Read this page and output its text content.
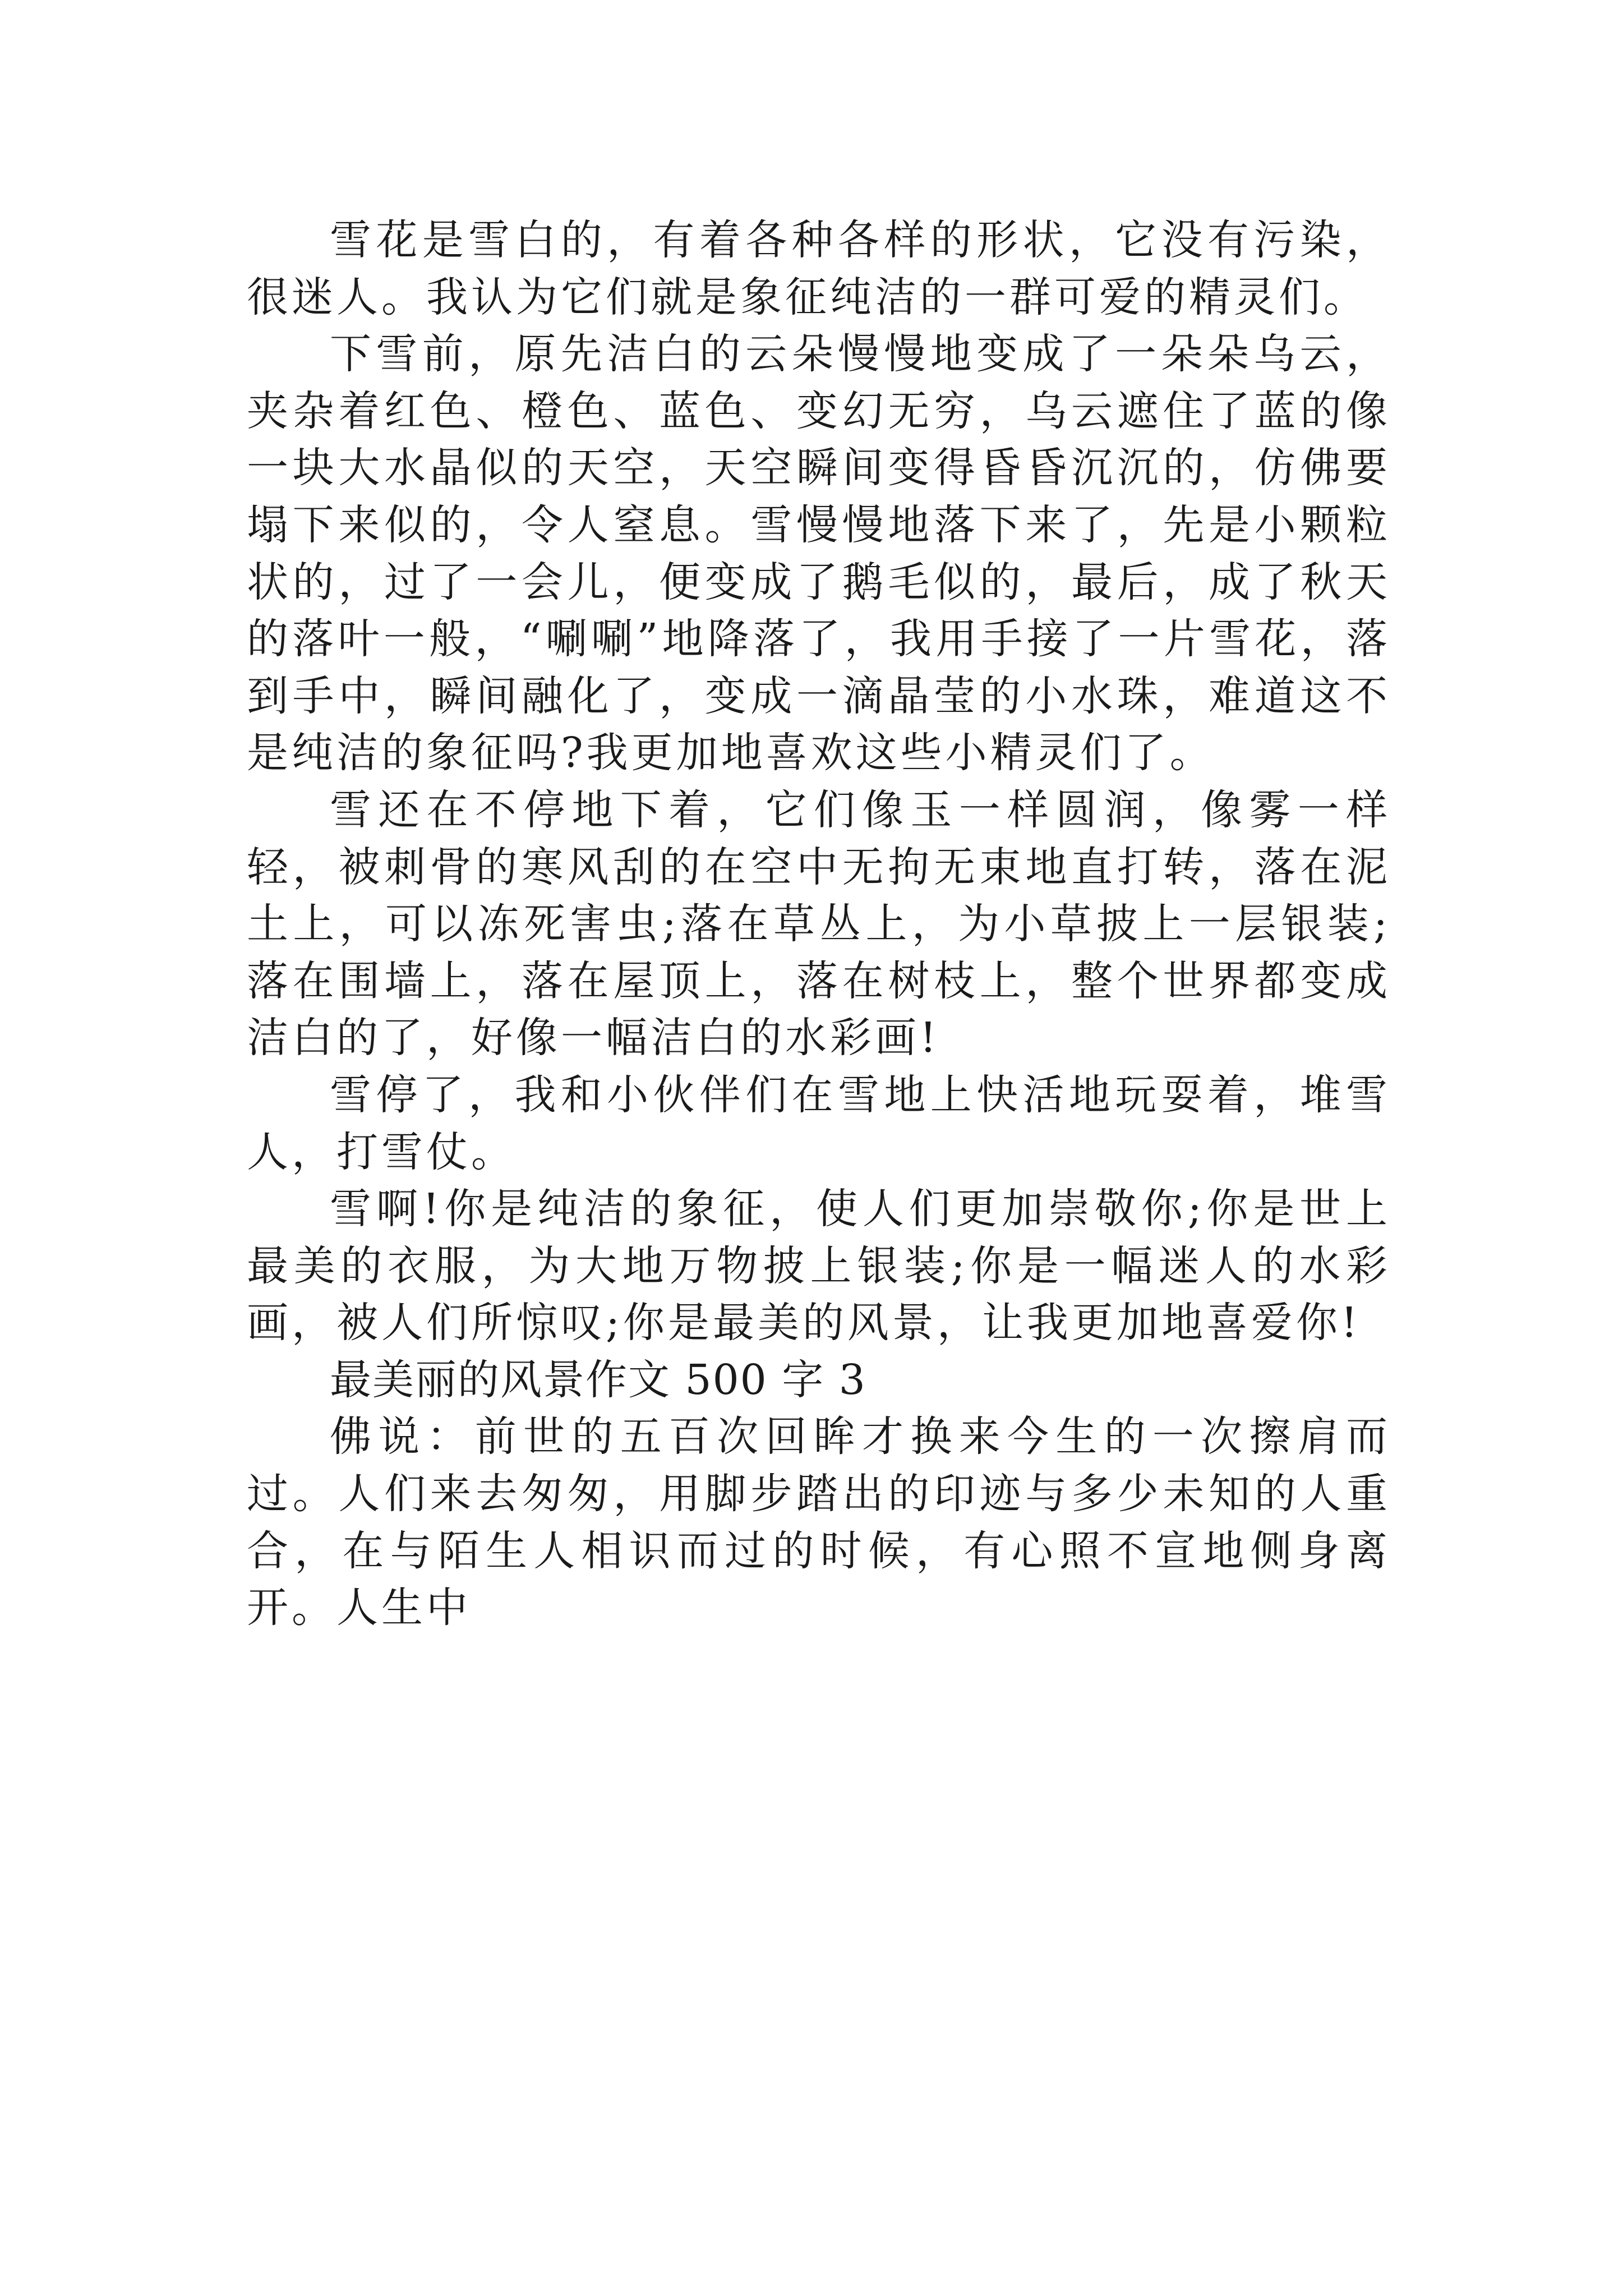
雪花是雪白的，有着各种各样的形状，它没有污染，很迷人。我认为它们就是象征纯洁的一群可爱的精灵们。

下雪前，原先洁白的云朵慢慢地变成了一朵朵乌云，夹杂着红色、橙色、蓝色、变幻无穷，乌云遮住了蓝的像一块大水晶似的天空，天空瞬间变得昏昏沉沉的，仿佛要塌下来似的，令人窒息。雪慢慢地落下来了，先是小颗粒状的，过了一会儿，便变成了鹅毛似的，最后，成了秋天的落叶一般，“唰唰”地降落了，我用手接了一片雪花，落到手中，瞬间融化了，变成一滴晶莹的小水珠，难道这不是纯洁的象征吗?我更加地喜欢这些小精灵们了。

雪还在不停地下着，它们像玉一样圆润，像雾一样轻，被刺骨的寒风刮的在空中无拘无束地直打转，落在泥土上，可以冻死害虫;落在草丛上，为小草披上一层银装;落在围墙上，落在屋顶上，落在树枝上，整个世界都变成洁白的了，好像一幅洁白的水彩画!

雪停了，我和小伙伴们在雪地上快活地玩耍着，堆雪人，打雪仗。

雪啊!你是纯洁的象征，使人们更加崇敬你;你是世上最美的衣服，为大地万物披上银装;你是一幅迷人的水彩画，被人们所惊叹;你是最美的风景，让我更加地喜爱你!

最美丽的风景作文 500 字 3

佛说：前世的五百次回眸才换来今生的一次擦肩而过。人们来去匆匆，用脚步踏出的印迹与多少未知的人重合，在与陌生人相识而过的时候，有心照不宣地侧身离开。人生中
